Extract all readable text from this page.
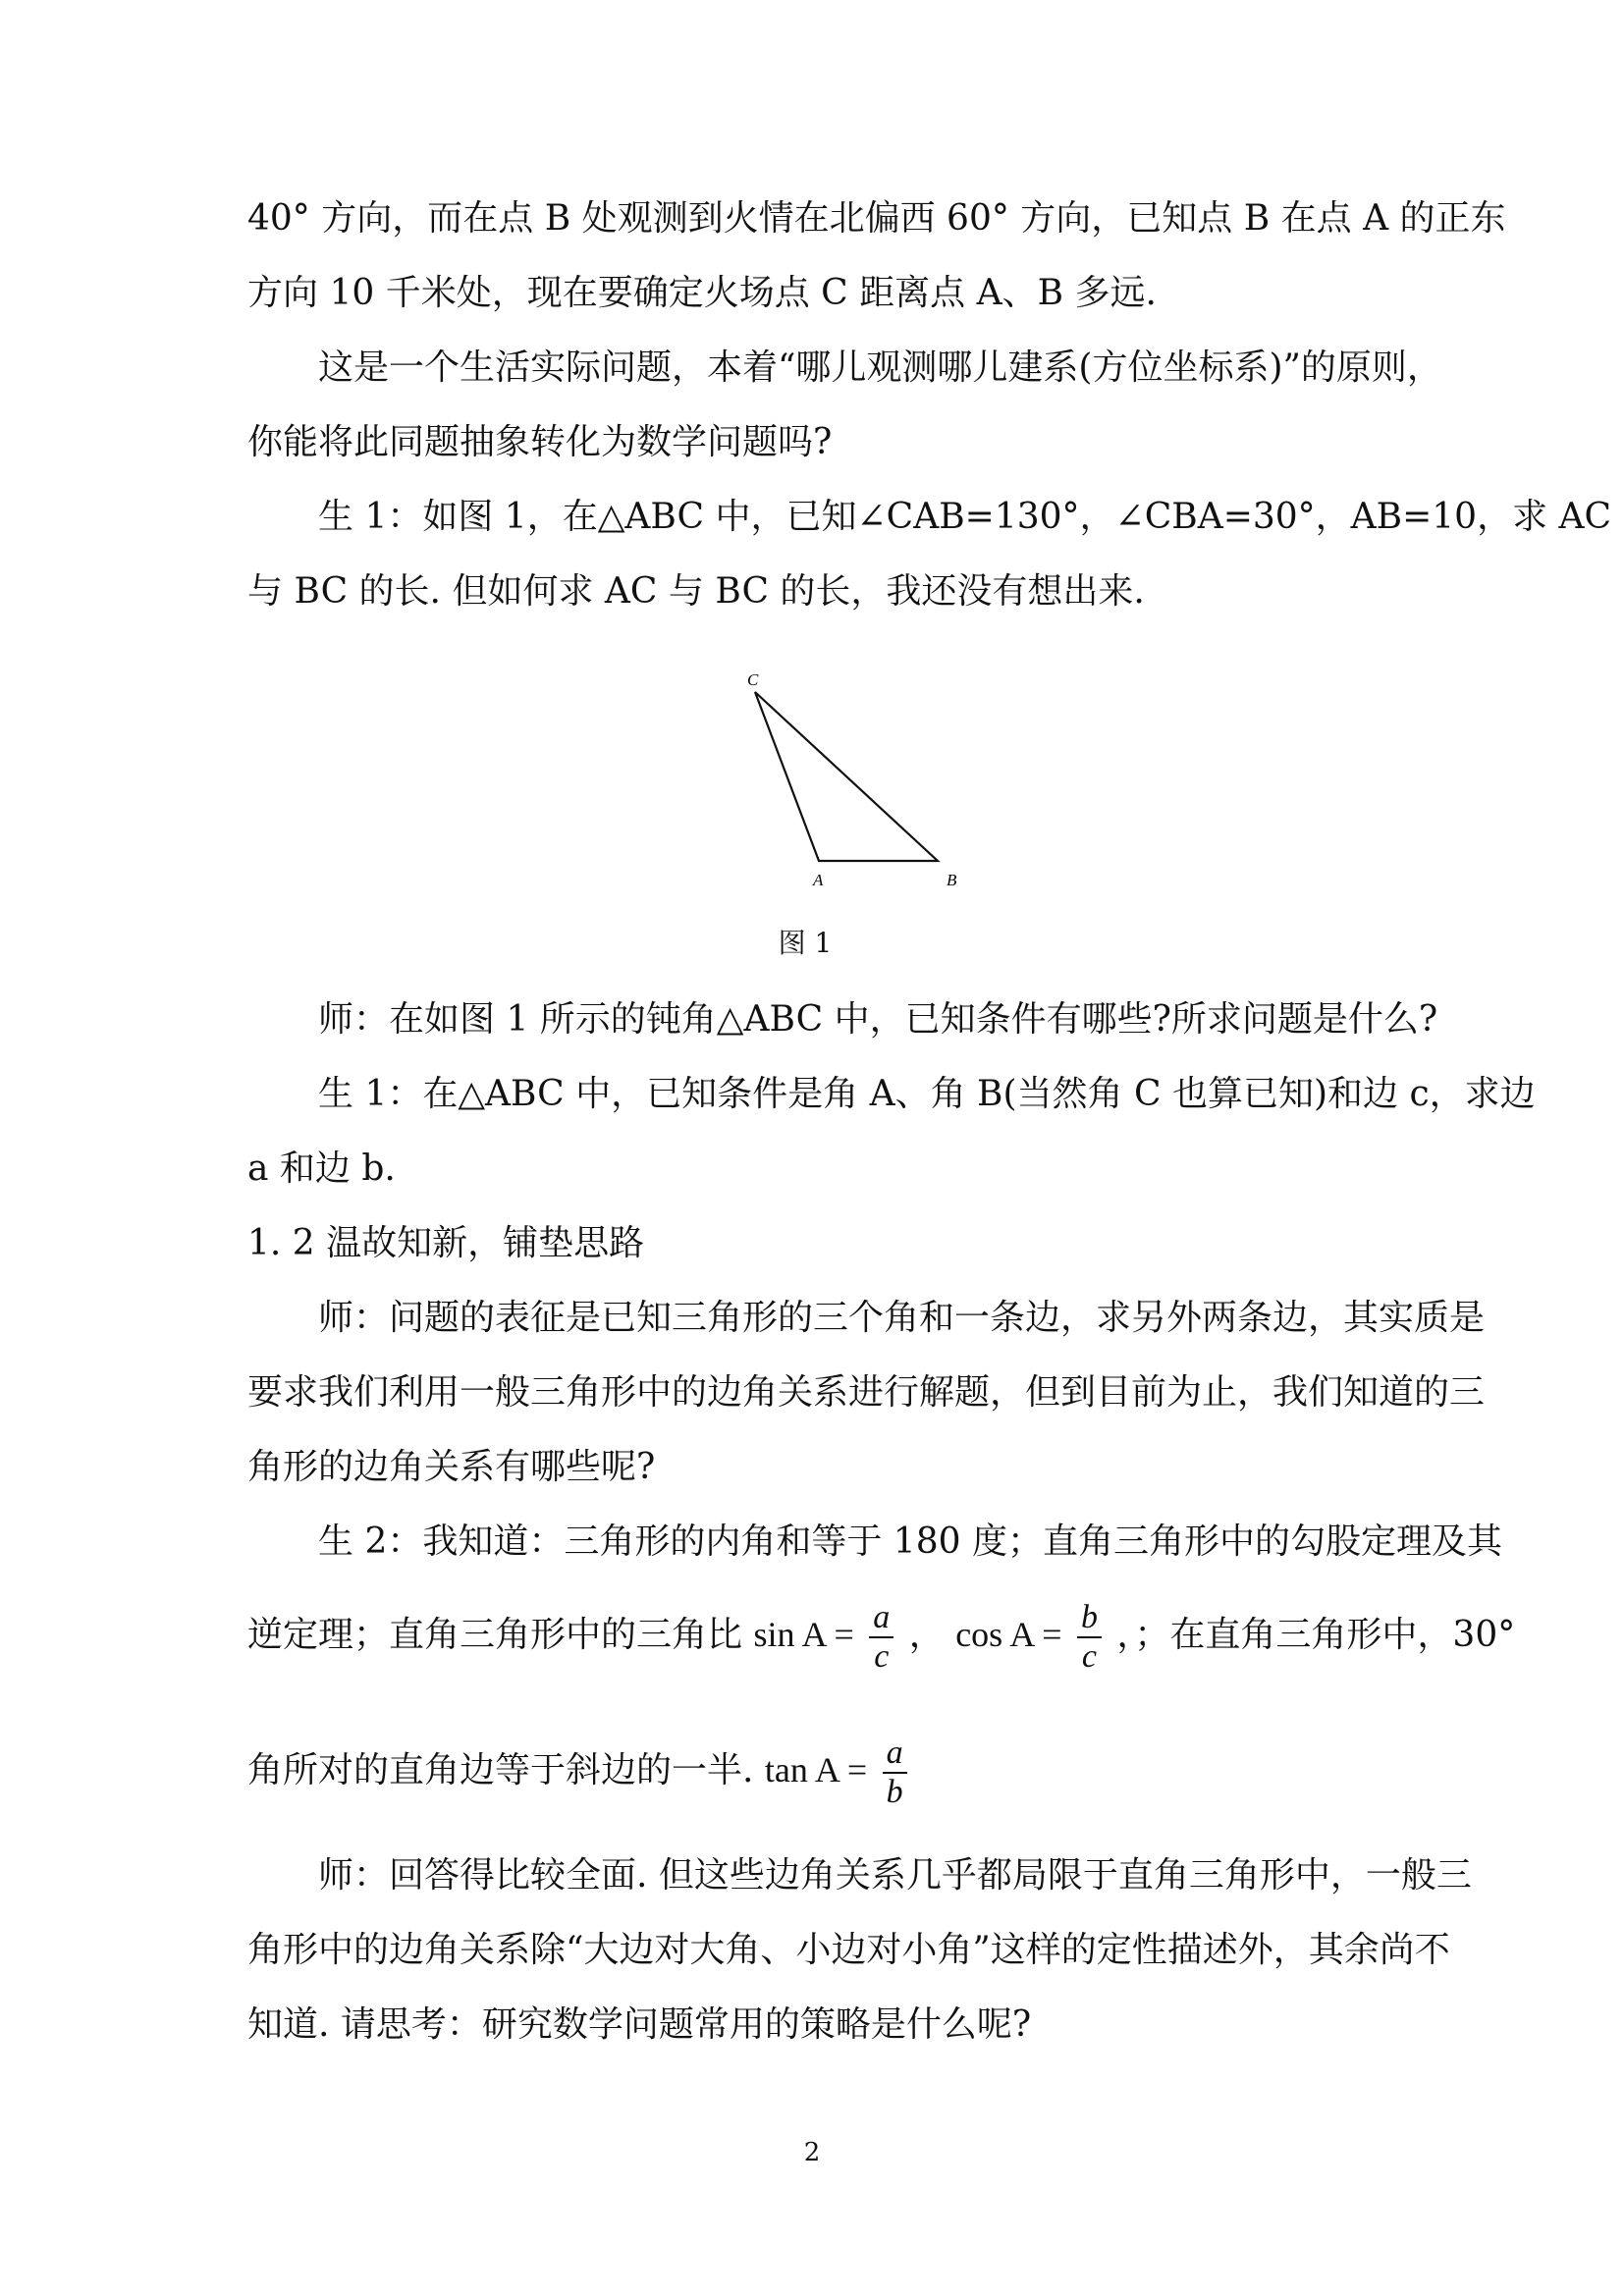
40° 方向，而在点 B 处观测到火情在北偏西 60° 方向，已知点 B 在点 A 的正东
方向 10 千米处，现在要确定火场点 C 距离点 A、B 多远.
这是一个生活实际问题，本着“哪儿观测哪儿建系(方位坐标系)”的原则，
你能将此同题抽象转化为数学问题吗?
生 1：如图 1，在△ABC 中，已知∠CAB=130°，∠CBA=30°，AB=10，求 AC
与 BC 的长. 但如何求 AC 与 BC 的长，我还没有想出来.
C
A	B
图 1
师：在如图 1 所示的钝角△ABC 中，已知条件有哪些?所求问题是什么?
生 1：在△ABC 中，已知条件是角 A、角 B(当然角 C 也算已知)和边 c，求边
a 和边 b.
1. 2 温故知新，铺垫思路
师：问题的表征是已知三角形的三个角和一条边，求另外两条边，其实质是
要求我们利用一般三角形中的边角关系进行解题，但到目前为止，我们知道的三
角形的边角关系有哪些呢?
生 2：我知道：三角形的内角和等于 180 度；直角三角形中的勾股定理及其
逆定理；直角三角形中的三角比 $\sin A = \frac{a}{c}$ ， $\cos A = \frac{b}{c}$ ，；在直角三角形中，30°
角所对的直角边等于斜边的一半. $\tan A = \frac{a}{b}$
师：回答得比较全面. 但这些边角关系几乎都局限于直角三角形中，一般三
角形中的边角关系除“大边对大角、小边对小角”这样的定性描述外，其余尚不
知道. 请思考：研究数学问题常用的策略是什么呢?
2
